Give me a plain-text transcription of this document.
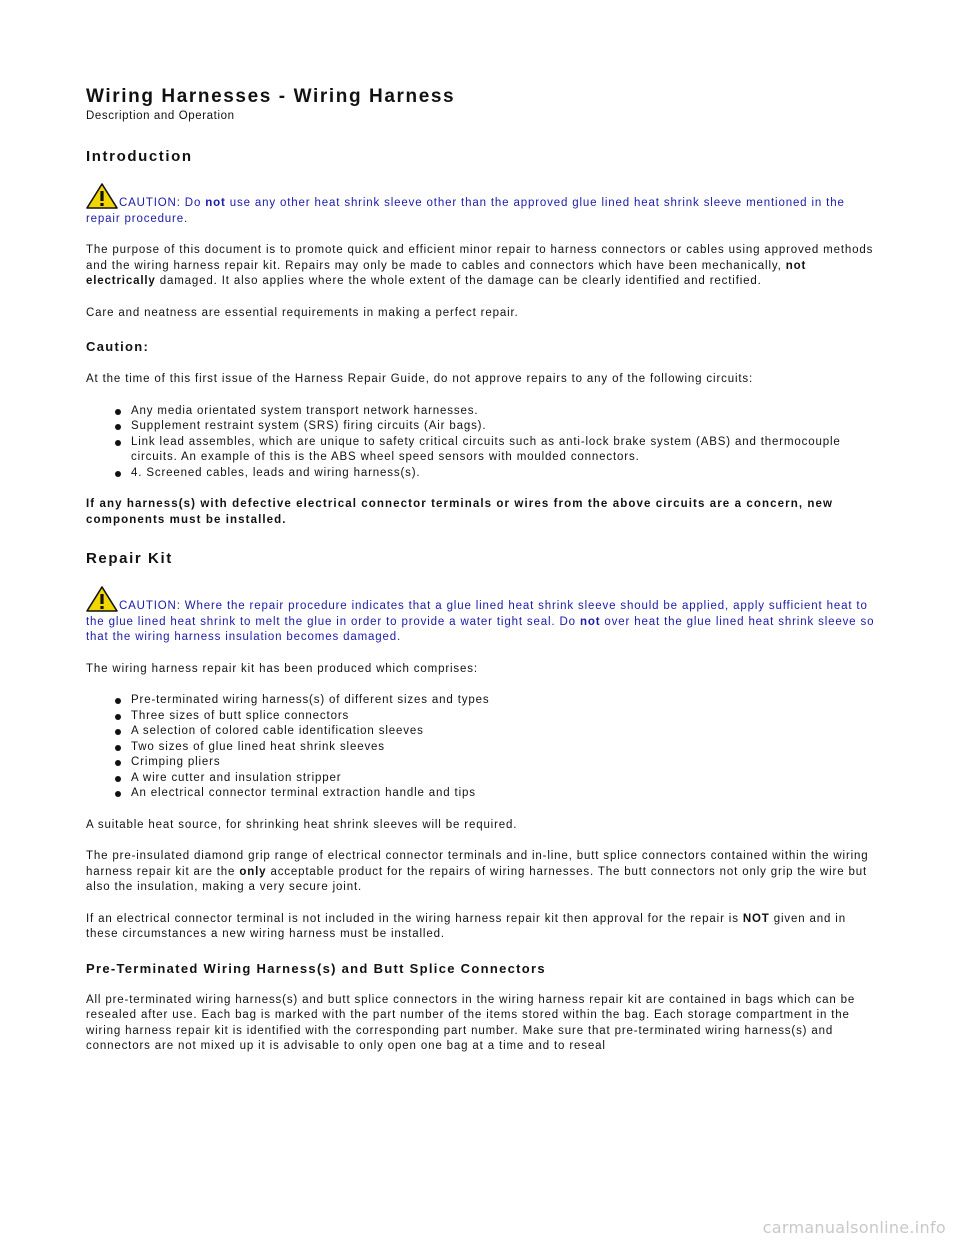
Wiring Harnesses - Wiring Harness
Description and Operation
Introduction
CAUTION: Do not use any other heat shrink sleeve other than the approved glue lined heat shrink sleeve mentioned in the repair procedure.

The purpose of this document is to promote quick and efficient minor repair to harness connectors or cables using approved methods and the wiring harness repair kit. Repairs may only be made to cables and connectors which have been mechanically, not electrically damaged. It also applies where the whole extent of the damage can be clearly identified and rectified.

Care and neatness are essential requirements in making a perfect repair.

Caution:

At the time of this first issue of the Harness Repair Guide, do not approve repairs to any of the following circuits:

Any media orientated system transport network harnesses.
Supplement restraint system (SRS) firing circuits (Air bags).
Link lead assembles, which are unique to safety critical circuits such as anti-lock brake system (ABS) and thermocouple circuits. An example of this is the ABS wheel speed sensors with moulded connectors.
4. Screened cables, leads and wiring harness(s).

If any harness(s) with defective electrical connector terminals or wires from the above circuits are a concern, new components must be installed.

Repair Kit
CAUTION: Where the repair procedure indicates that a glue lined heat shrink sleeve should be applied, apply sufficient heat to the glue lined heat shrink to melt the glue in order to provide a water tight seal. Do not over heat the glue lined heat shrink sleeve so that the wiring harness insulation becomes damaged.

The wiring harness repair kit has been produced which comprises:

Pre-terminated wiring harness(s) of different sizes and types
Three sizes of butt splice connectors
A selection of colored cable identification sleeves
Two sizes of glue lined heat shrink sleeves
Crimping pliers
A wire cutter and insulation stripper
An electrical connector terminal extraction handle and tips

A suitable heat source, for shrinking heat shrink sleeves will be required.

The pre-insulated diamond grip range of electrical connector terminals and in-line, butt splice connectors contained within the wiring harness repair kit are the only acceptable product for the repairs of wiring harnesses. The butt connectors not only grip the wire but also the insulation, making a very secure joint.

If an electrical connector terminal is not included in the wiring harness repair kit then approval for the repair is NOT given and in these circumstances a new wiring harness must be installed.

Pre-Terminated Wiring Harness(s) and Butt Splice Connectors

All pre-terminated wiring harness(s) and butt splice connectors in the wiring harness repair kit are contained in bags which can be resealed after use. Each bag is marked with the part number of the items stored within the bag. Each storage compartment in the wiring harness repair kit is identified with the corresponding part number. Make sure that pre-terminated wiring harness(s) and connectors are not mixed up it is advisable to only open one bag at a time and to reseal

carmanualsonline.info
